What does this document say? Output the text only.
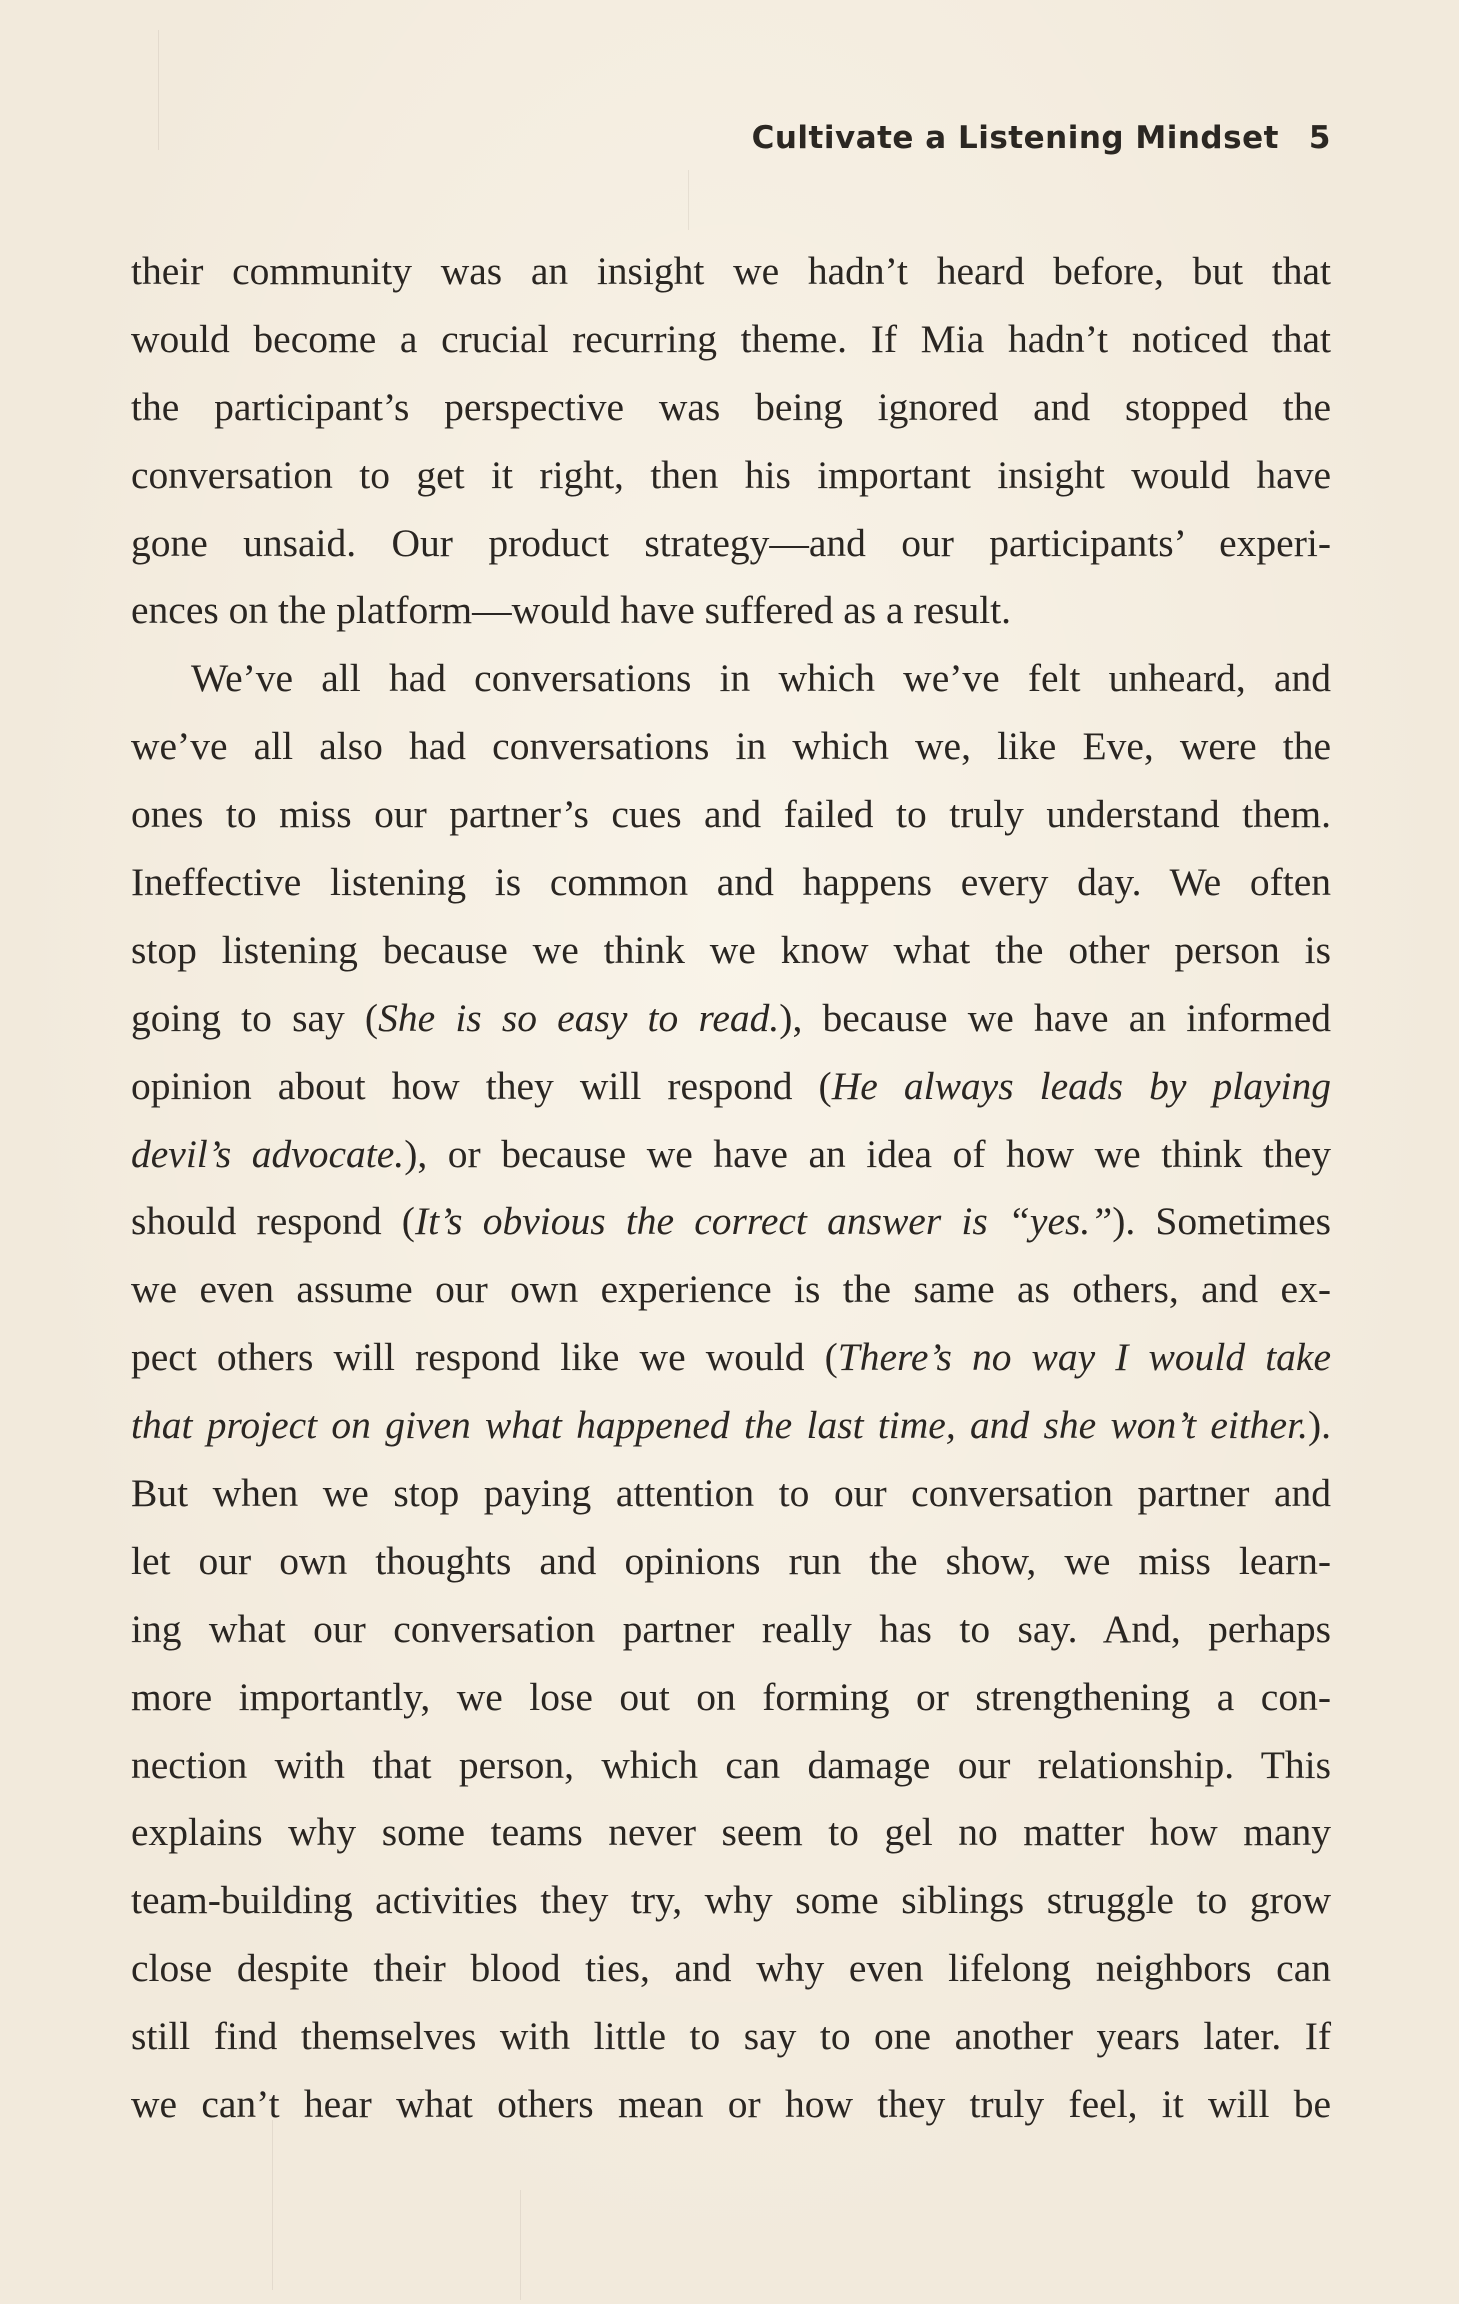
Cultivate a Listening Mindset 5
their community was an insight we hadn’t heard before, but that
would become a crucial recurring theme. If Mia hadn’t noticed that
the participant’s perspective was being ignored and stopped the
conversation to get it right, then his important insight would have
gone unsaid. Our product strategy—and our participants’ experi-
ences on the platform—would have suffered as a result.
We’ve all had conversations in which we’ve felt unheard, and
we’ve all also had conversations in which we, like Eve, were the
ones to miss our partner’s cues and failed to truly understand them.
Ineffective listening is common and happens every day. We often
stop listening because we think we know what the other person is
going to say (She is so easy to read.), because we have an informed
opinion about how they will respond (He always leads by playing
devil’s advocate.), or because we have an idea of how we think they
should respond (It’s obvious the correct answer is “yes.”). Sometimes
we even assume our own experience is the same as others, and ex-
pect others will respond like we would (There’s no way I would take
that project on given what happened the last time, and she won’t either.).
But when we stop paying attention to our conversation partner and
let our own thoughts and opinions run the show, we miss learn-
ing what our conversation partner really has to say. And, perhaps
more importantly, we lose out on forming or strengthening a con-
nection with that person, which can damage our relationship. This
explains why some teams never seem to gel no matter how many
team-building activities they try, why some siblings struggle to grow
close despite their blood ties, and why even lifelong neighbors can
still find themselves with little to say to one another years later. If
we can’t hear what others mean or how they truly feel, it will be
